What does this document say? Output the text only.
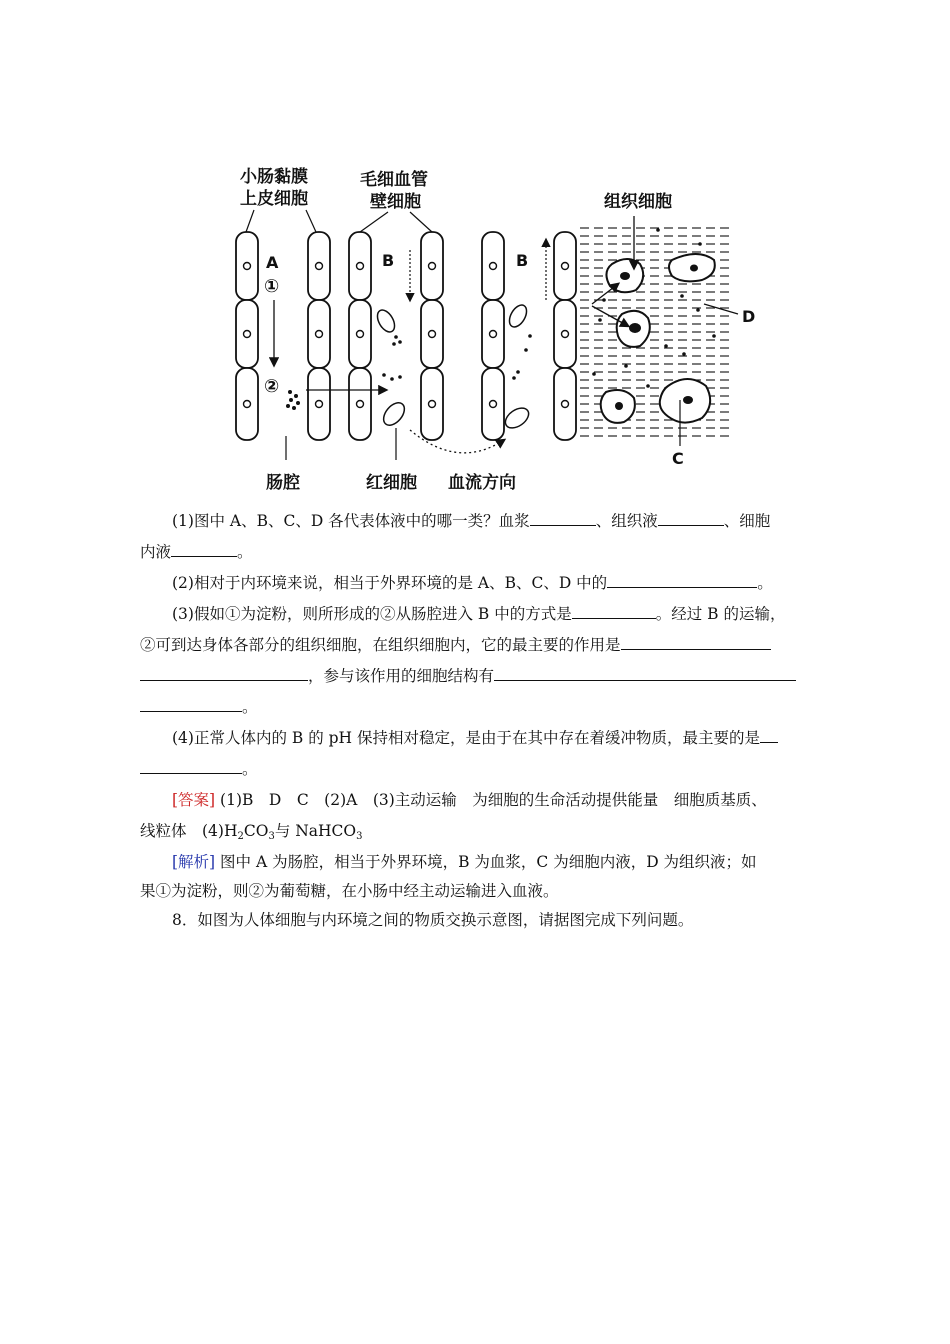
小肠黏膜
上皮细胞
毛细血管
壁细胞	组织细胞
A
①
②
B	B
D
C
肠腔	红细胞 血流方向
(1)图中 A、B、C、D 各代表体液中的哪一类？血浆	、组织液	、细胞
内液	。
(2)相对于内环境来说，相当于外界环境的是 A、B、C、D 中的	。
(3)假如①为淀粉，则所形成的②从肠腔进入 B 中的方式是	。经过 B 的运输，
②可到达身体各部分的组织细胞，在组织细胞内，它的最主要的作用是
，参与该作用的细胞结构有
。
(4)正常人体内的 B 的 pH 保持相对稳定，是由于在其中存在着缓冲物质，最主要的是
。
[答案] (1)B　D　C　(2)A　(3)主动运输　为细胞的生命活动提供能量　细胞质基质、
线粒体　$(4)H_2CO_3$与 NaHCO$_3$
[解析] 图中 A 为肠腔，相当于外界环境，B 为血浆，C 为细胞内液，D 为组织液；如
果①为淀粉，则②为葡萄糖，在小肠中经主动运输进入血液。
8．如图为人体细胞与内环境之间的物质交换示意图，请据图完成下列问题。
